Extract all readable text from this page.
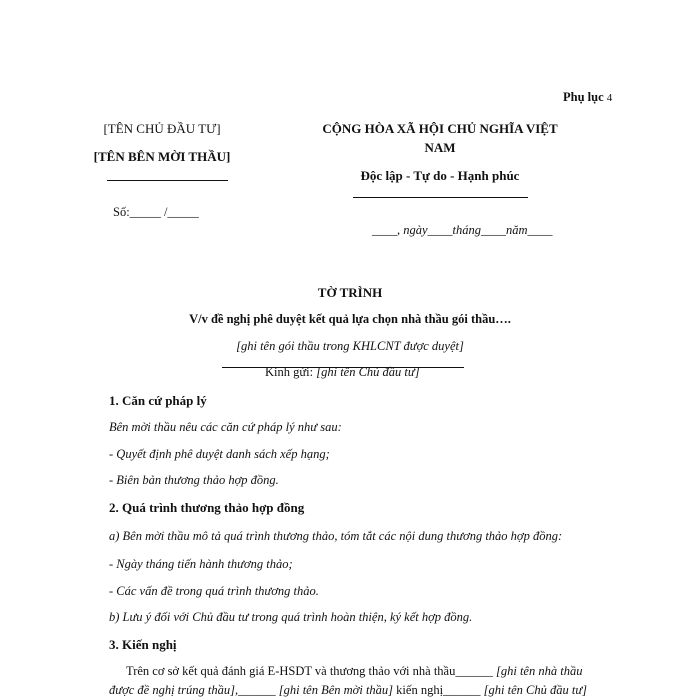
Phụ lục 4
[TÊN CHỦ ĐẦU TƯ]
[TÊN BÊN MỜI THẦU]
Số:_____ /_____
CỘNG HÒA XÃ HỘI CHỦ NGHĨA VIỆT
NAM
Độc lập - Tự do - Hạnh phúc
____, ngày____tháng____năm____
TỜ TRÌNH
V/v đề nghị phê duyệt kết quả lựa chọn nhà thầu gói thầu….
[ghi tên gói thầu trong KHLCNT được duyệt]
Kính gửi: [ghi tên Chủ đầu tư]
1. Căn cứ pháp lý
Bên mời thầu nêu các căn cứ pháp lý như sau:
- Quyết định phê duyệt danh sách xếp hạng;
- Biên bản thương thảo hợp đồng.
2. Quá trình thương thảo hợp đồng
a) Bên mời thầu mô tả quá trình thương thảo, tóm tắt các nội dung thương thảo hợp đồng:
- Ngày tháng tiến hành thương thảo;
- Các vấn đề trong quá trình thương thảo.
b) Lưu ý đối với Chủ đầu tư trong quá trình hoàn thiện, ký kết hợp đồng.
3. Kiến nghị
Trên cơ sở kết quả đánh giá E-HSDT và thương thảo với nhà thầu______ [ghi tên nhà thầu
được đề nghị trúng thầu],______ [ghi tên Bên mời thầu] kiến nghị______ [ghi tên Chủ đầu tư]
